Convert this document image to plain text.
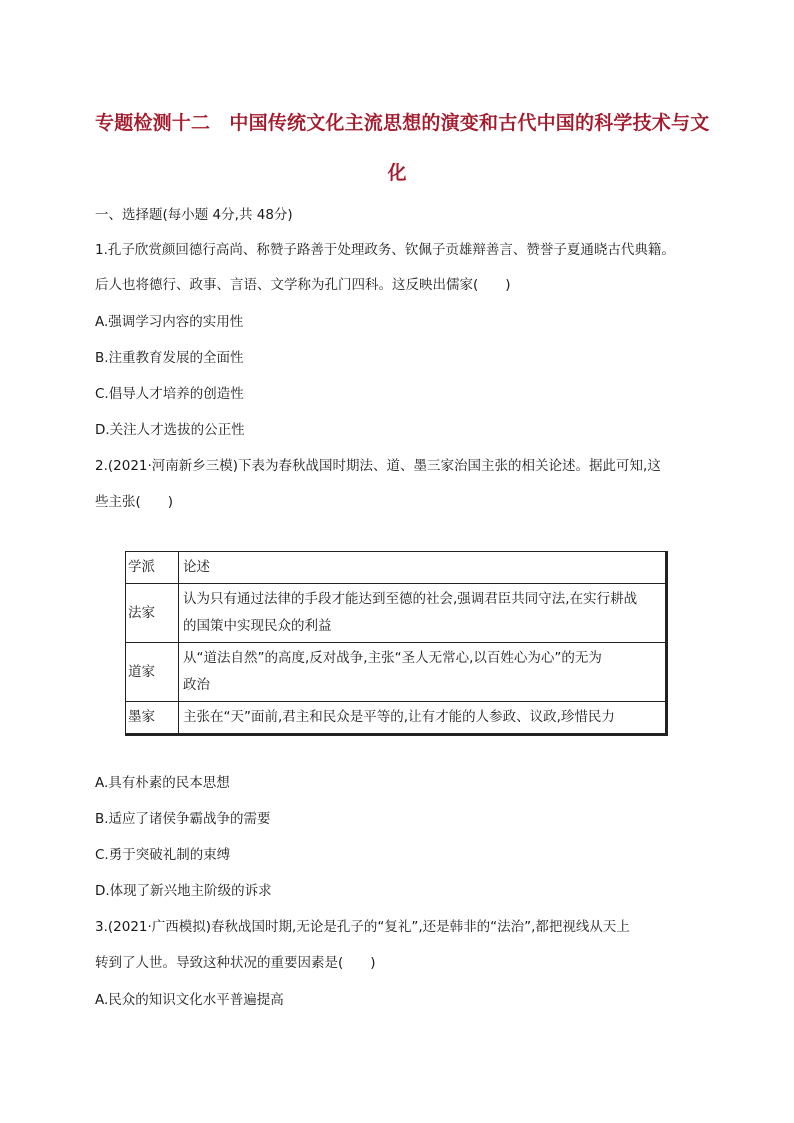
专题检测十二　中国传统文化主流思想的演变和古代中国的科学技术与文
化
一、选择题(每小题 4分,共 48分)
1.孔子欣赏颜回德行高尚、称赞子路善于处理政务、钦佩子贡雄辩善言、赞誉子夏通晓古代典籍。
后人也将德行、政事、言语、文学称为孔门四科。这反映出儒家(　　)
A.强调学习内容的实用性
B.注重教育发展的全面性
C.倡导人才培养的创造性
D.关注人才选拔的公正性
2.(2021·河南新乡三模)下表为春秋战国时期法、道、墨三家治国主张的相关论述。据此可知,这
些主张(　　)
学派	论述
法家	认为只有通过法律的手段才能达到至德的社会,强调君臣共同守法,在实行耕战
的国策中实现民众的利益

道家	从“道法自然”的高度,反对战争,主张“圣人无常心,以百姓心为心”的无为
政治

墨家	主张在“天”面前,君主和民众是平等的,让有才能的人参政、议政,珍惜民力
A.具有朴素的民本思想
B.适应了诸侯争霸战争的需要
C.勇于突破礼制的束缚
D.体现了新兴地主阶级的诉求
3.(2021·广西模拟)春秋战国时期,无论是孔子的“复礼”,还是韩非的“法治”,都把视线从天上
转到了人世。导致这种状况的重要因素是(　　)
A.民众的知识文化水平普遍提高
